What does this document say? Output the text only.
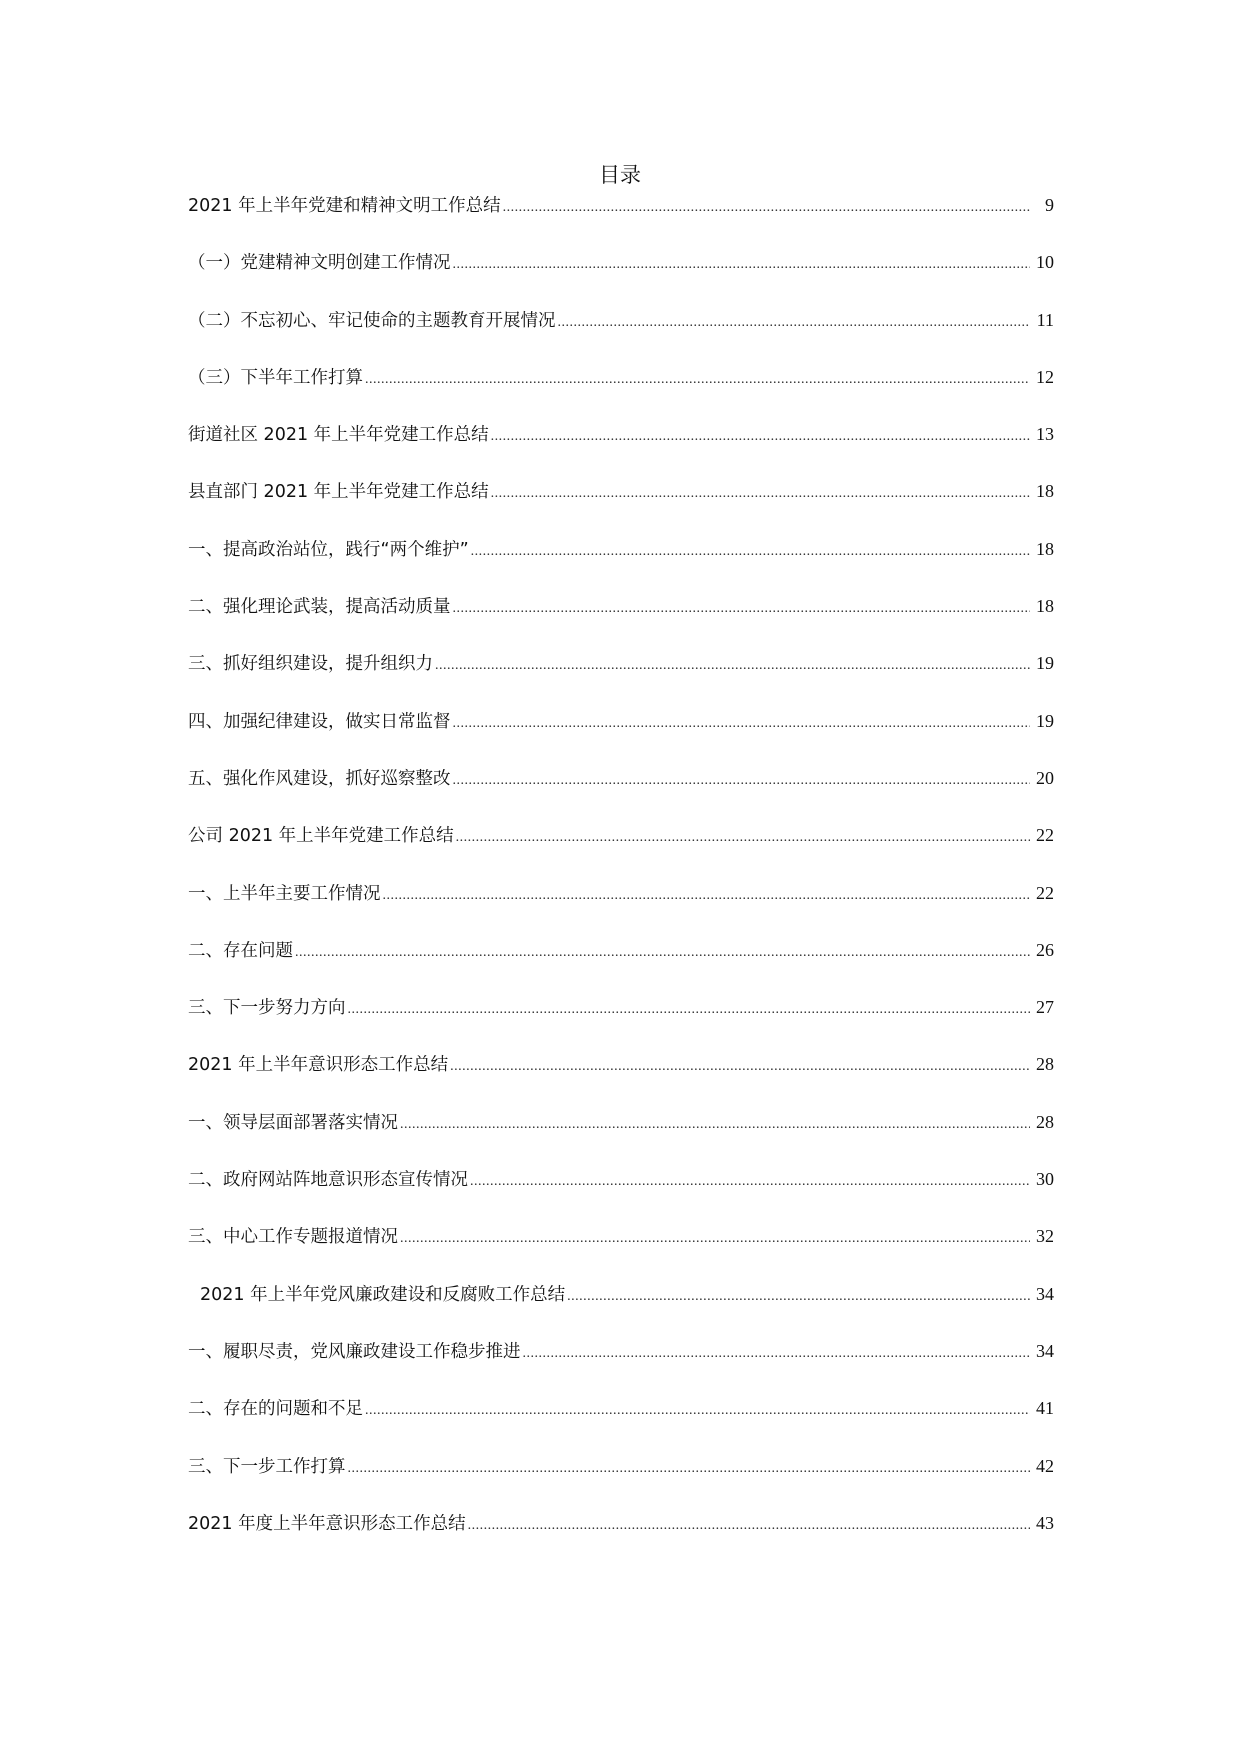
目录
2021 年上半年党建和精神文明工作总结 .....	9
（一）党建精神文明创建工作情况 .....	10
（二）不忘初心、牢记使命的主题教育开展情况 .....	11
（三）下半年工作打算 .....	12
街道社区 2021 年上半年党建工作总结 .....	13
县直部门 2021 年上半年党建工作总结 .....	18
一、提高政治站位，践行“两个维护” .....	18
二、强化理论武装，提高活动质量 .....	18
三、抓好组织建设，提升组织力 .....	19
四、加强纪律建设，做实日常监督 .....	19
五、强化作风建设，抓好巡察整改 .....	20
公司 2021 年上半年党建工作总结 .....	22
一、上半年主要工作情况 .....	22
二、存在问题 .....	26
三、下一步努力方向 .....	27
2021 年上半年意识形态工作总结 .....	28
一、领导层面部署落实情况 .....	28
二、政府网站阵地意识形态宣传情况 .....	30
三、中心工作专题报道情况 .....	32
2021 年上半年党风廉政建设和反腐败工作总结 .....	34
一、履职尽责，党风廉政建设工作稳步推进 .....	34
二、存在的问题和不足 .....	41
三、下一步工作打算 .....	42
2021 年度上半年意识形态工作总结 .....	43
